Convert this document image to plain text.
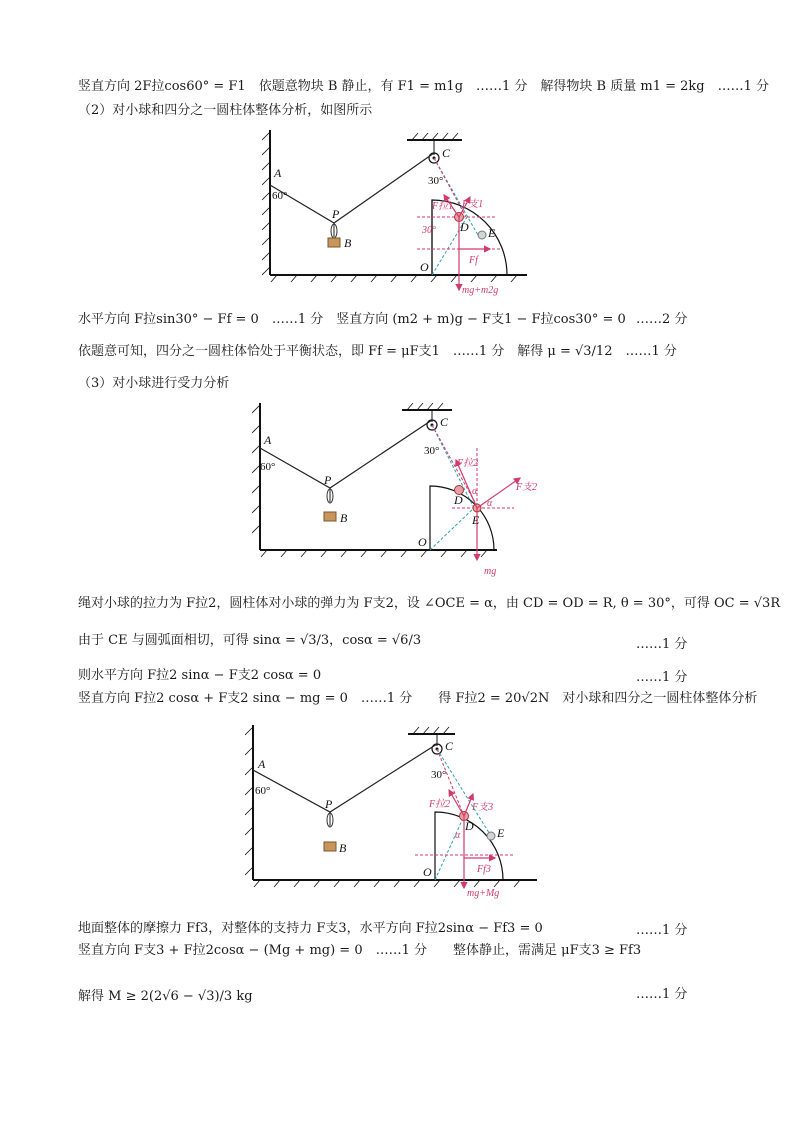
竖直方向 2F拉cos60° = F1　依题意物块 B 静止，有 F1 = m1g　……1 分　解得物块 B 质量 m1 = 2kg　……1 分
（2）对小球和四分之一圆柱体整体分析，如图所示
A
60°
P
B
C
30°
D E
O
30°
F拉1 F支1
Ff
mg+m2g
水平方向 F拉sin30° − Ff = 0　……1 分　竖直方向 (m2 + m)g − F支1 − F拉cos30° = 0 ……2 分
依题意可知，四分之一圆柱体恰处于平衡状态，即 Ff = μF支1　……1 分　解得 μ = √3/12　……1 分
（3）对小球进行受力分析
A
60°
P
B
C
30°
D
E
O
F拉2
F支2
α
α
mg
绳对小球的拉力为 F拉2，圆柱体对小球的弹力为 F支2，设 ∠OCE = α，由 CD = OD = R, θ = 30°，可得 OC = √3R
由于 CE 与圆弧面相切，可得 sinα = √3/3，cosα = √6/3	……1 分
则水平方向 F拉2 sinα − F支2 cosα = 0	……1 分
竖直方向 F拉2 cosα + F支2 sinα − mg = 0　……1 分　　得 F拉2 = 20√2N　对小球和四分之一圆柱体整体分析
A
60°
P
B
C
30°
D E
O
F拉2 F支3
α
Ff3
mg+Mg
地面整体的摩擦力 Ff3，对整体的支持力 F支3，水平方向 F拉2sinα − Ff3 = 0	……1 分
竖直方向 F支3 + F拉2cosα − (Mg + mg) = 0　……1 分　　整体静止，需满足 μF支3 ≥ Ff3
解得 M ≥ 2(2√6 − √3)/3 kg	……1 分
